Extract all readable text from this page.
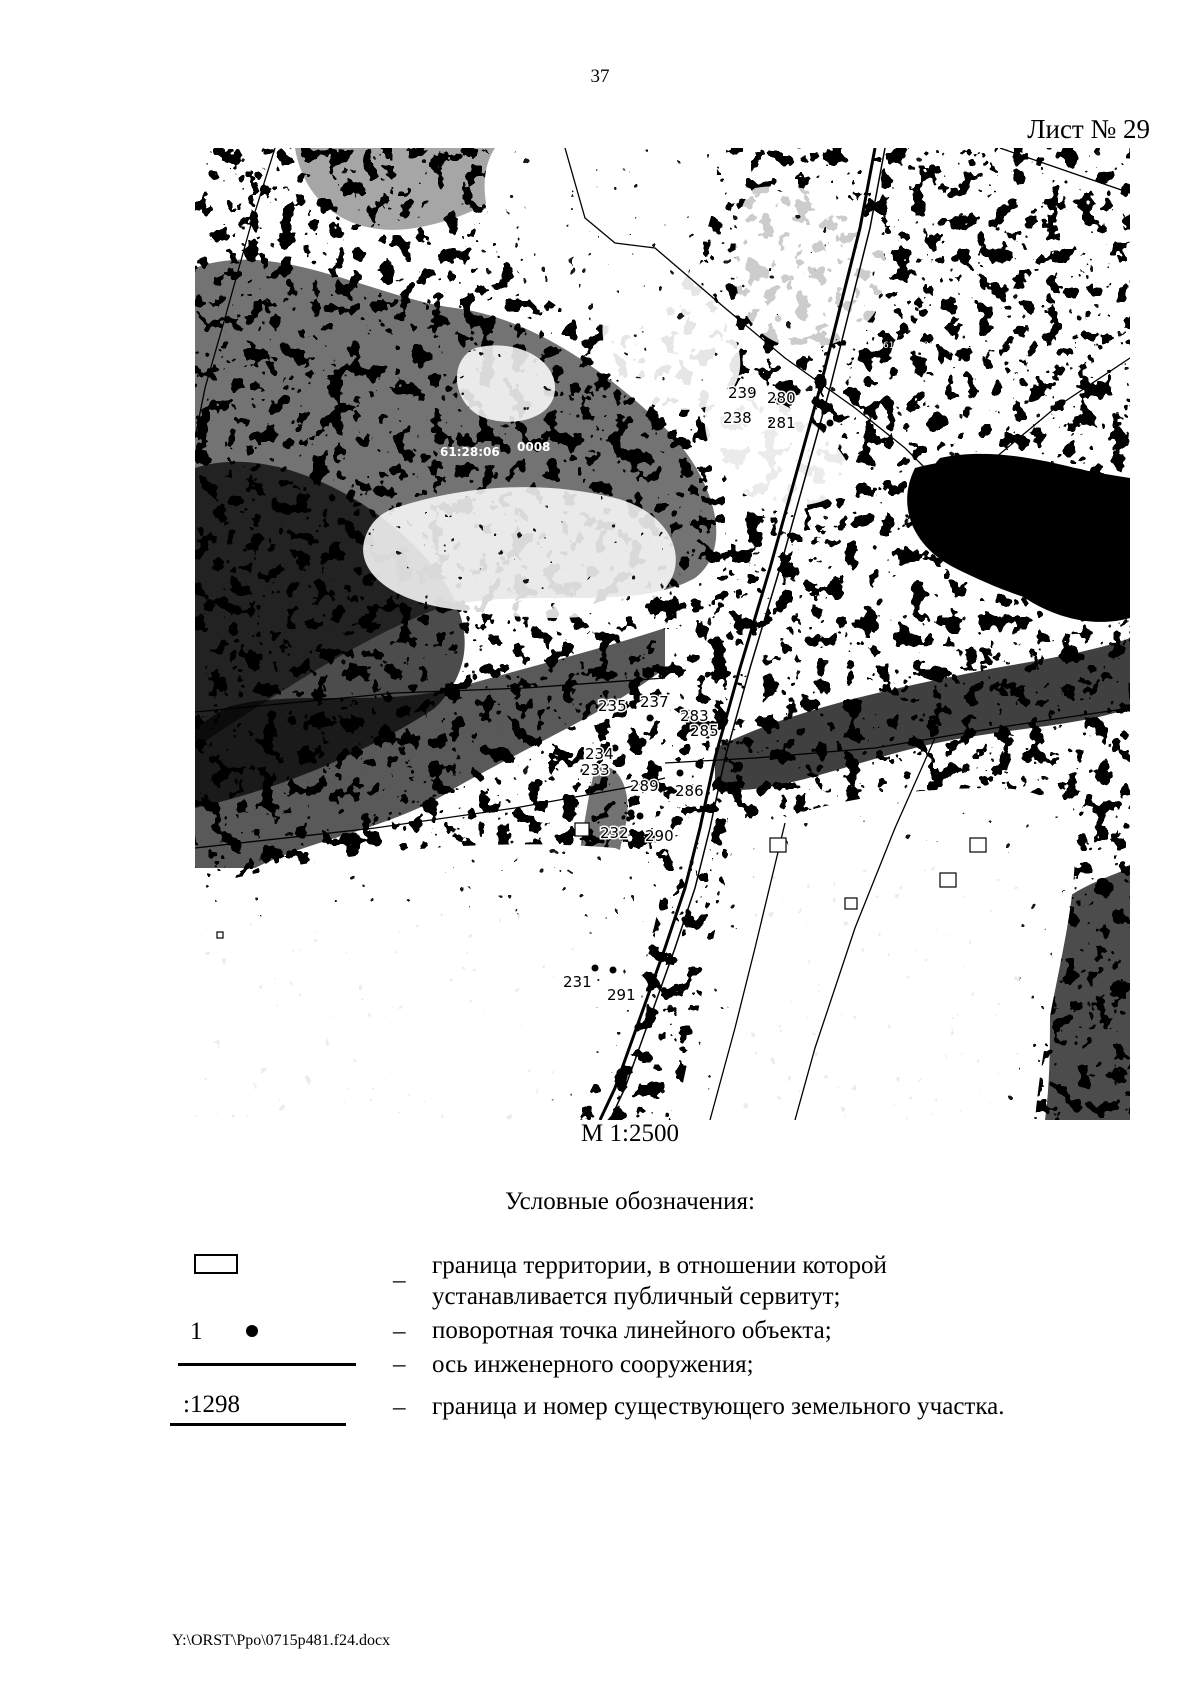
37
Лист № 29
239 280
238 281
235 237
283
285
234
233
289 286
232 290
231
291
61:28:06 0008
61:28:0600 1234
М 1:2500
Условные обозначения:
1
:1298
_
–
–
–
граница территории, в отношении которой
устанавливается публичный сервитут;
поворотная точка линейного объекта;
ось инженерного сооружения;
граница и номер существующего земельного участка.
Y:\ORST\Ppo\0715p481.f24.docx
